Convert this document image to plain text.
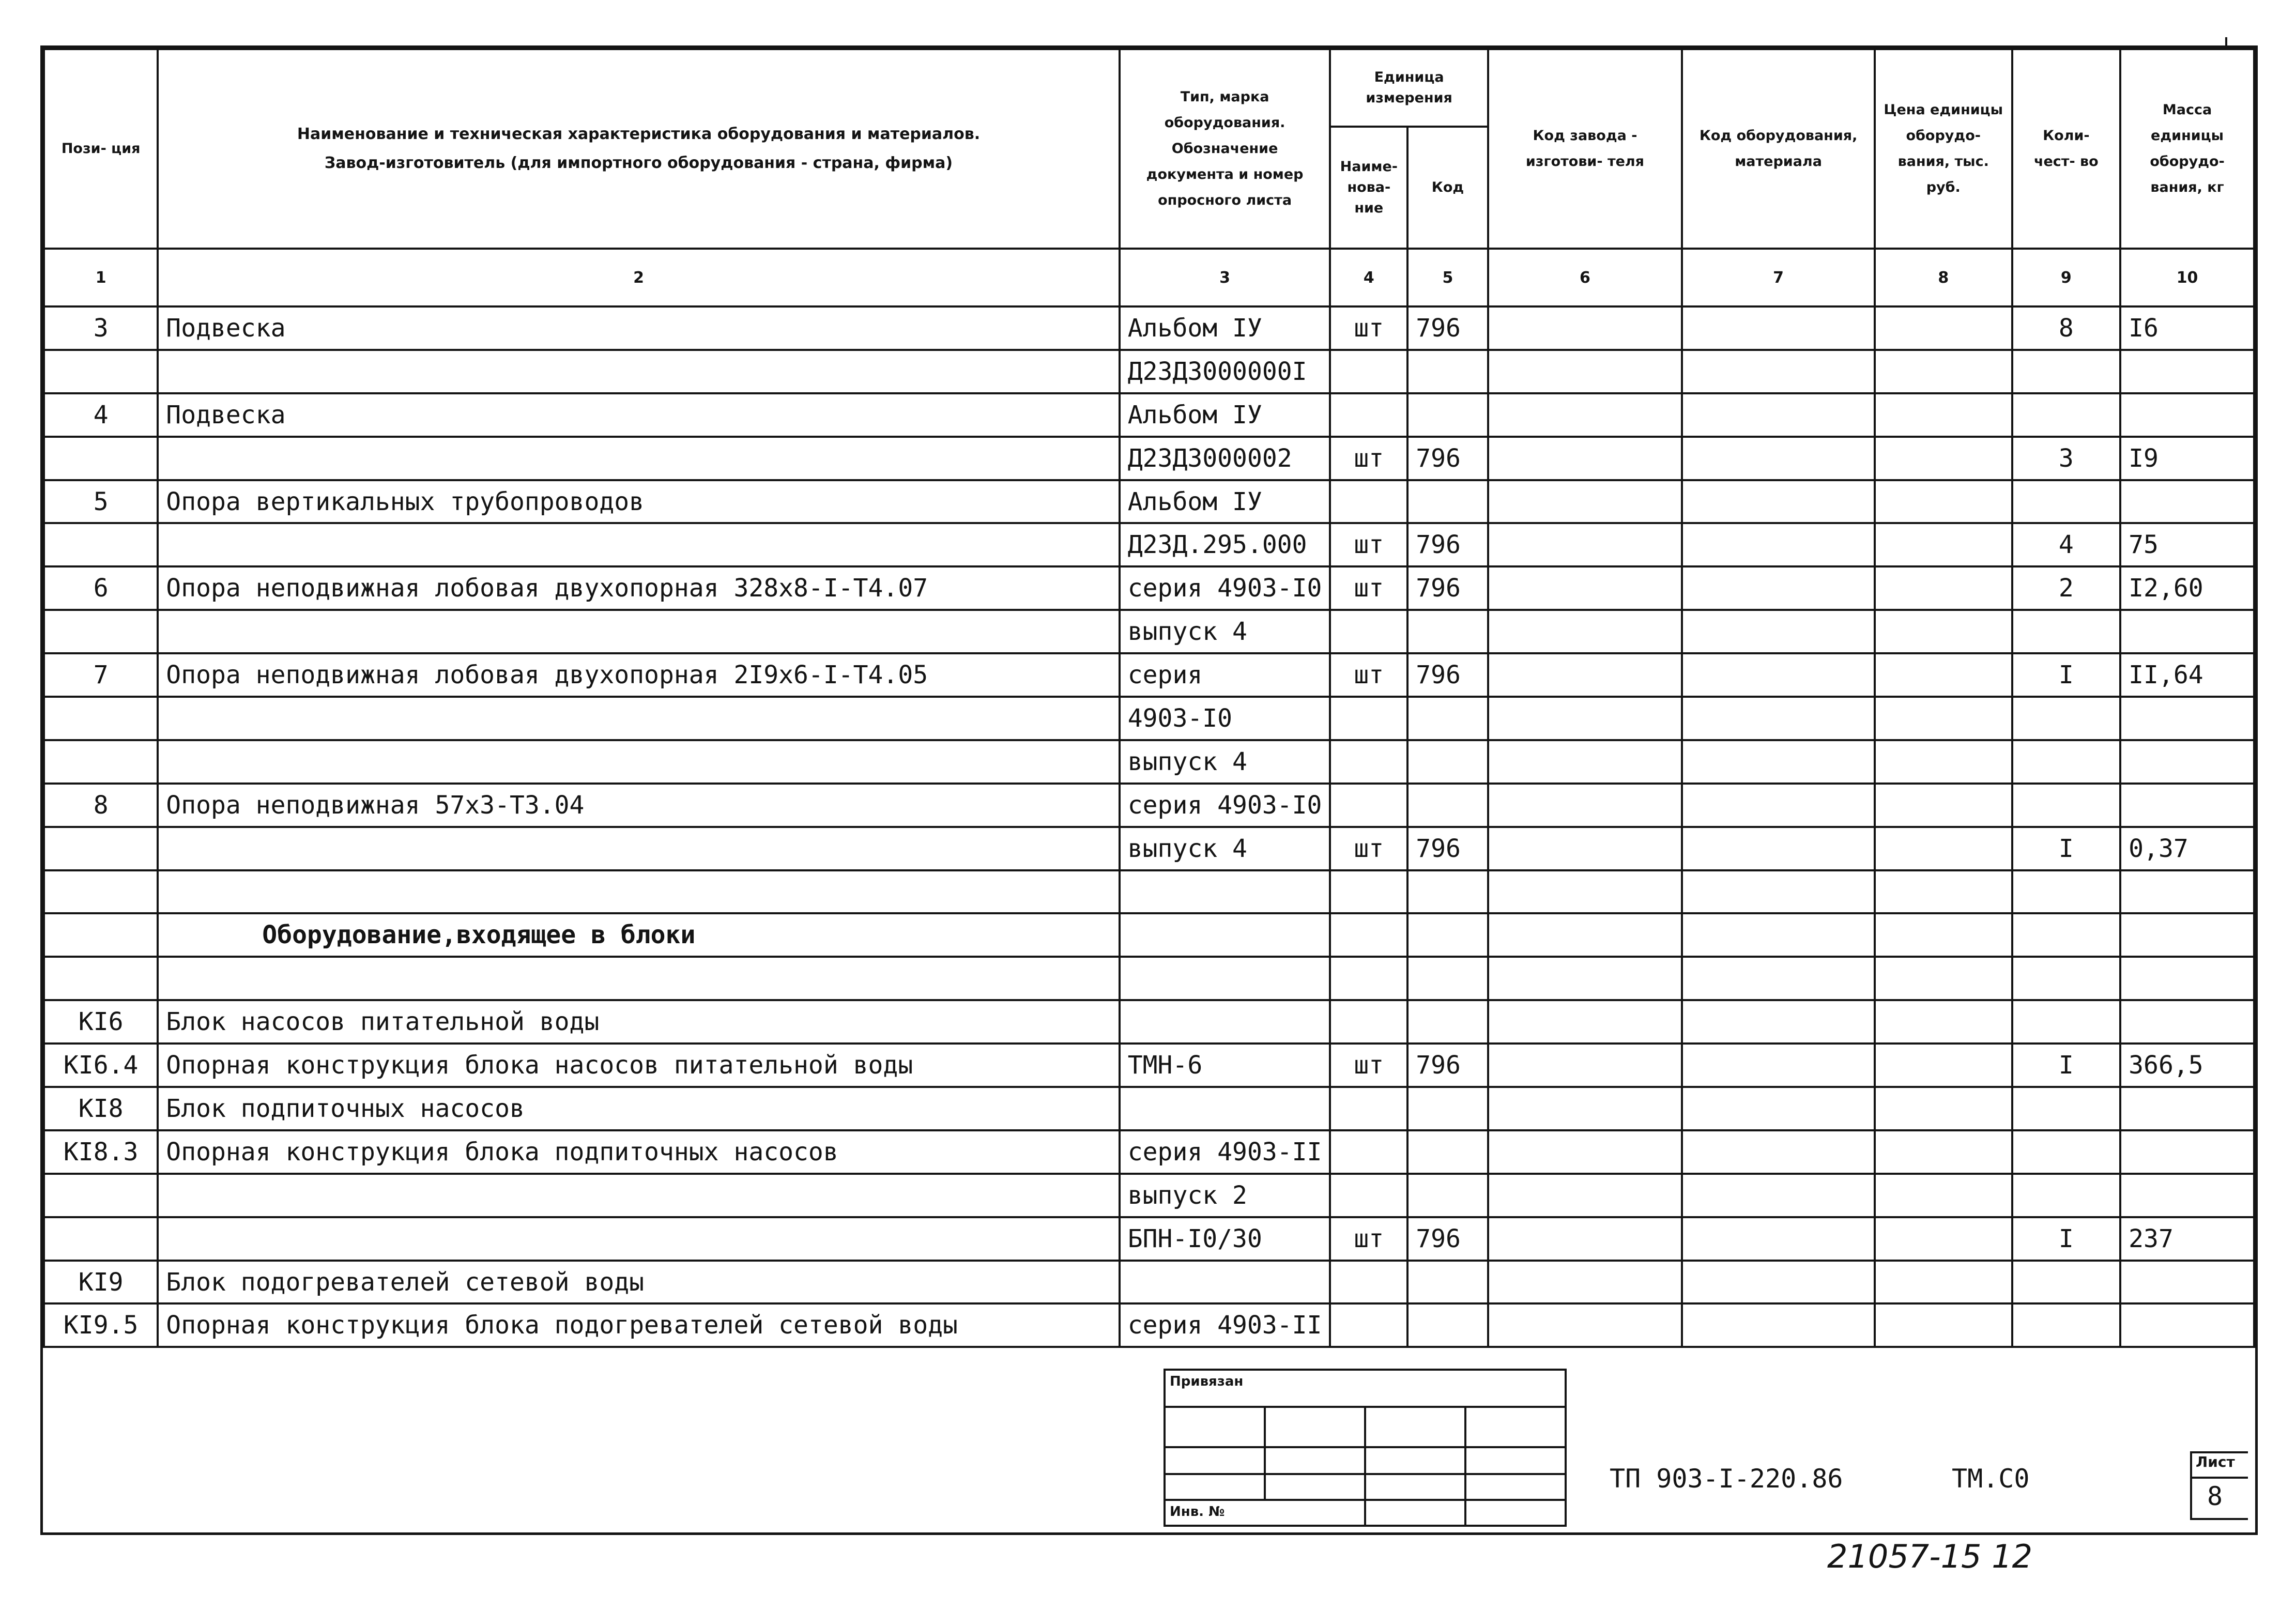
Пози- ция	Наименование и техническая характеристика оборудования и материалов.
Завод-изготовитель (для импортного оборудования - страна, фирма)	Тип, марка оборудования. Обозначение документа и номер опросного листа	Единица измерения		Код завода - изготови- теля	Код оборудования, материала	Цена единицы оборудо- вания, тыс. руб.	Коли- чест- во	Масса единицы оборудо- вания, кг
			Наиме- нова- ние	Код					
1	2	3	4	5	6	7	8	9	10
3	Подвеска	Альбом IУ	шт	796				8	I6
		Д23Д3000000I							
4	Подвеска	Альбом IУ							
		Д23Д3000002	шт	796				3	I9
5	Опора вертикальных трубопроводов	Альбом IУ							
		Д23Д.295.000	шт	796				4	75
6	Опора неподвижная лобовая двухопорная 328х8-I-Т4.07	серия 4903-I0	шт	796				2	I2,60
		выпуск 4							
7	Опора неподвижная лобовая двухопорная 2I9х6-I-Т4.05	серия	шт	796				I	II,64
		4903-I0							
		выпуск 4							
8	Опора неподвижная 57х3-Т3.04	серия 4903-I0							
		выпуск 4	шт	796				I	0,37

	Оборудование,входящее в блоки								

KI6	Блок насосов питательной воды								
KI6.4	Опорная конструкция блока насосов питательной воды	ТМН-6	шт	796				I	366,5
KI8	Блок подпиточных насосов								
KI8.3	Опорная конструкция блока подпиточных насосов	серия 4903-II							
		выпуск 2							
		БПН-I0/30	шт	796				I	237
KI9	Блок подогревателей сетевой воды								
KI9.5	Опорная конструкция блока подогревателей сетевой воды	серия 4903-II							
Привязан			

Инв. №			
ТП 903-I-220.86	ТМ.С0
Лист
8
21057-15 12
